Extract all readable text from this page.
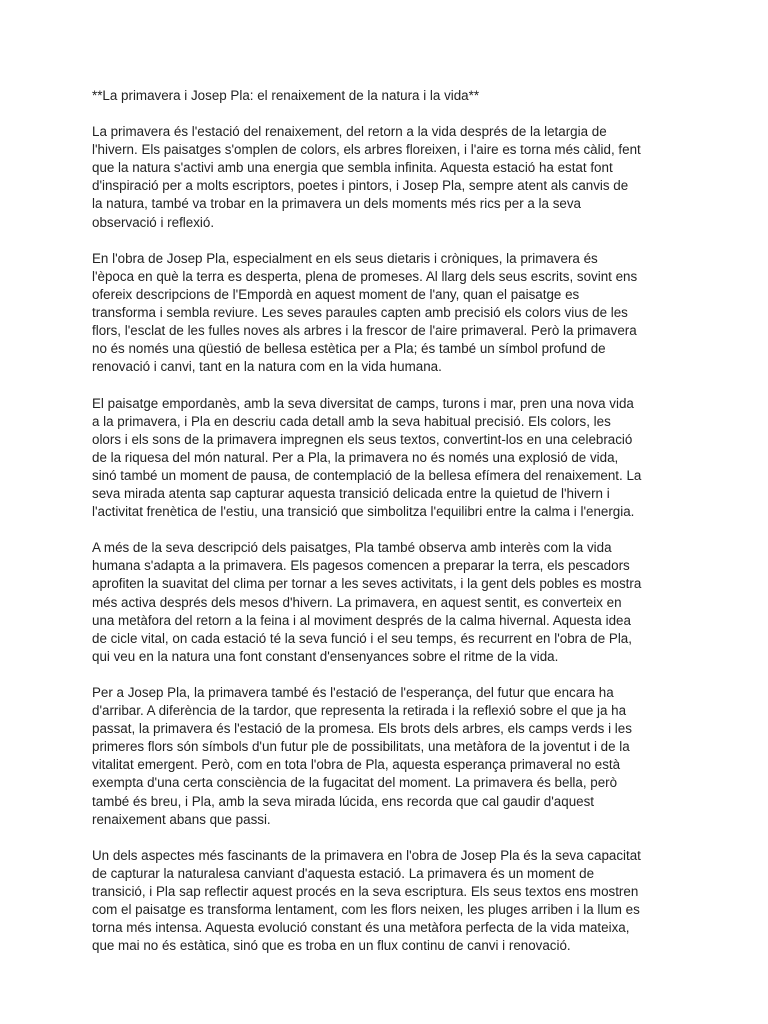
**La primavera i Josep Pla: el renaixement de la natura i la vida**

La primavera és l'estació del renaixement, del retorn a la vida després de la letargia de
l'hivern. Els paisatges s'omplen de colors, els arbres floreixen, i l'aire es torna més càlid, fent
que la natura s'activi amb una energia que sembla infinita. Aquesta estació ha estat font
d'inspiració per a molts escriptors, poetes i pintors, i Josep Pla, sempre atent als canvis de
la natura, també va trobar en la primavera un dels moments més rics per a la seva
observació i reflexió.

En l'obra de Josep Pla, especialment en els seus dietaris i cròniques, la primavera és
l'època en què la terra es desperta, plena de promeses. Al llarg dels seus escrits, sovint ens
ofereix descripcions de l'Empordà en aquest moment de l'any, quan el paisatge es
transforma i sembla reviure. Les seves paraules capten amb precisió els colors vius de les
flors, l'esclat de les fulles noves als arbres i la frescor de l'aire primaveral. Però la primavera
no és només una qüestió de bellesa estètica per a Pla; és també un símbol profund de
renovació i canvi, tant en la natura com en la vida humana.

El paisatge empordanès, amb la seva diversitat de camps, turons i mar, pren una nova vida
a la primavera, i Pla en descriu cada detall amb la seva habitual precisió. Els colors, les
olors i els sons de la primavera impregnen els seus textos, convertint-los en una celebració
de la riquesa del món natural. Per a Pla, la primavera no és només una explosió de vida,
sinó també un moment de pausa, de contemplació de la bellesa efímera del renaixement. La
seva mirada atenta sap capturar aquesta transició delicada entre la quietud de l'hivern i
l'activitat frenètica de l'estiu, una transició que simbolitza l'equilibri entre la calma i l'energia.

A més de la seva descripció dels paisatges, Pla també observa amb interès com la vida
humana s'adapta a la primavera. Els pagesos comencen a preparar la terra, els pescadors
aprofiten la suavitat del clima per tornar a les seves activitats, i la gent dels pobles es mostra
més activa després dels mesos d'hivern. La primavera, en aquest sentit, es converteix en
una metàfora del retorn a la feina i al moviment després de la calma hivernal. Aquesta idea
de cicle vital, on cada estació té la seva funció i el seu temps, és recurrent en l'obra de Pla,
qui veu en la natura una font constant d'ensenyances sobre el ritme de la vida.

Per a Josep Pla, la primavera també és l'estació de l'esperança, del futur que encara ha
d'arribar. A diferència de la tardor, que representa la retirada i la reflexió sobre el que ja ha
passat, la primavera és l'estació de la promesa. Els brots dels arbres, els camps verds i les
primeres flors són símbols d'un futur ple de possibilitats, una metàfora de la joventut i de la
vitalitat emergent. Però, com en tota l'obra de Pla, aquesta esperança primaveral no està
exempta d'una certa consciència de la fugacitat del moment. La primavera és bella, però
també és breu, i Pla, amb la seva mirada lúcida, ens recorda que cal gaudir d'aquest
renaixement abans que passi.

Un dels aspectes més fascinants de la primavera en l'obra de Josep Pla és la seva capacitat
de capturar la naturalesa canviant d'aquesta estació. La primavera és un moment de
transició, i Pla sap reflectir aquest procés en la seva escriptura. Els seus textos ens mostren
com el paisatge es transforma lentament, com les flors neixen, les pluges arriben i la llum es
torna més intensa. Aquesta evolució constant és una metàfora perfecta de la vida mateixa,
que mai no és estàtica, sinó que es troba en un flux continu de canvi i renovació.
